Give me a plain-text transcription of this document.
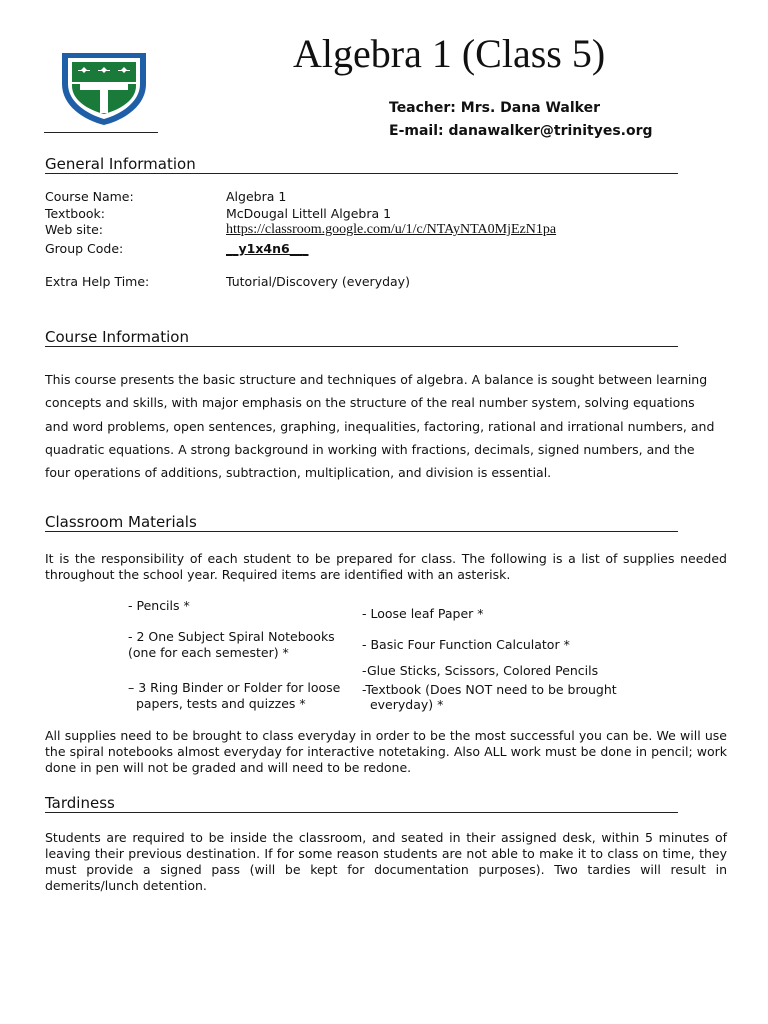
Algebra 1 (Class 5)
Teacher: Mrs. Dana Walker
E-mail: danawalker@trinityes.org
General Information
Course Name:	Algebra 1
Textbook:	McDougal Littell Algebra 1
Web site:	https://classroom.google.com/u/1/c/NTAyNTA0MjEzN1pa
Group Code:	__y1x4n6___
Extra Help Time:	Tutorial/Discovery (everyday)
Course Information
This course presents the basic structure and techniques of algebra. A balance is sought between learning
concepts and skills, with major emphasis on the structure of the real number system, solving equations
and word problems, open sentences, graphing, inequalities, factoring, rational and irrational numbers, and
quadratic equations. A strong background in working with fractions, decimals, signed numbers, and the
four operations of additions, subtraction, multiplication, and division is essential.
Classroom Materials
It is the responsibility of each student to be prepared for class. The following is a list of supplies needed throughout the school year. Required items are identified with an asterisk.
- Pencils *
- 2 One Subject Spiral Notebooks
(one for each semester) *
– 3 Ring Binder or Folder for loose
papers, tests and quizzes *
- Loose leaf Paper *
- Basic Four Function Calculator *
-Glue Sticks, Scissors, Colored Pencils
-Textbook (Does NOT need to be brought
everyday) *
All supplies need to be brought to class everyday in order to be the most successful you can be. We will use the spiral notebooks almost everyday for interactive notetaking. Also ALL work must be done in pencil; work done in pen will not be graded and will need to be redone.
Tardiness
Students are required to be inside the classroom, and seated in their assigned desk, within 5 minutes of leaving their previous destination. If for some reason students are not able to make it to class on time, they must provide a signed pass (will be kept for documentation purposes). Two tardies will result in demerits/lunch detention.
